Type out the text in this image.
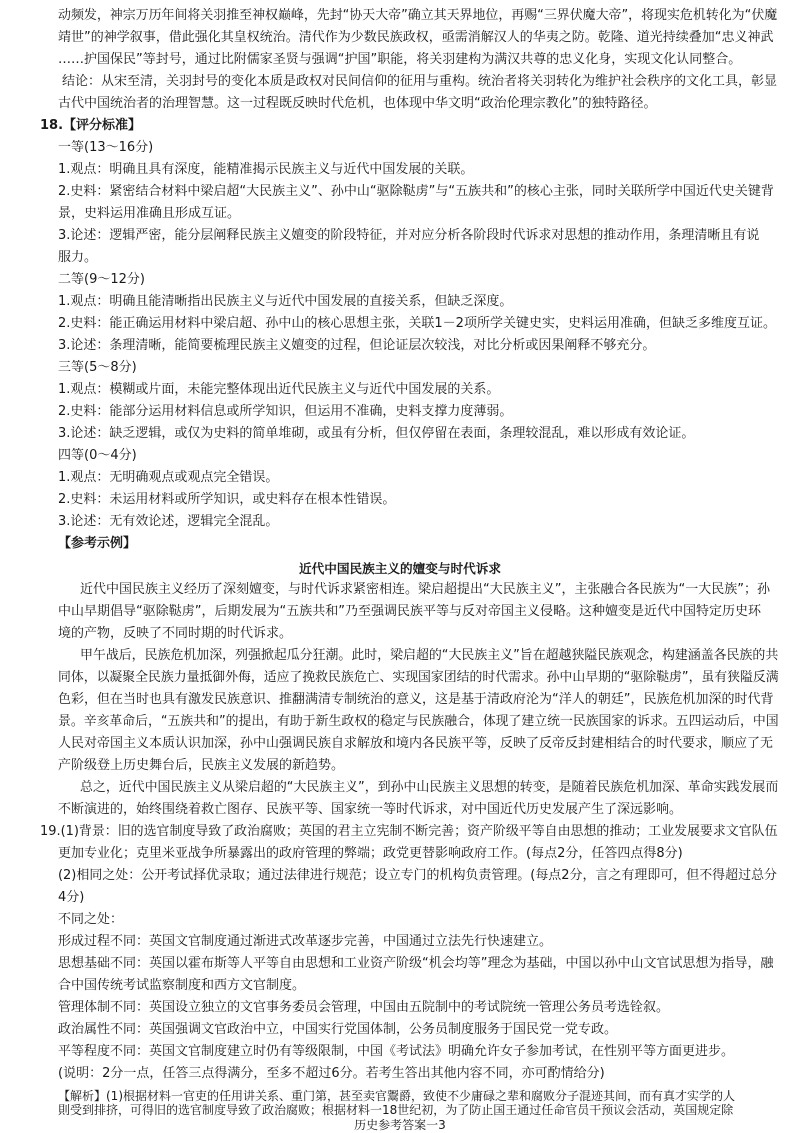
动频发，神宗万历年间将关羽推至神权巅峰，先封“协天大帝”确立其天界地位，再赐“三界伏魔大帝”，将现实危机转化为“伏魔
靖世”的神学叙事，借此强化其皇权统治。清代作为少数民族政权，亟需消解汉人的华夷之防。乾隆、道光持续叠加“忠义神武
……护国保民”等封号，通过比附儒家圣贤与强调“护国”职能，将关羽建构为满汉共尊的忠义化身，实现文化认同整合。
结论：从宋至清，关羽封号的变化本质是政权对民间信仰的征用与重构。统治者将关羽转化为维护社会秩序的文化工具，彰显
古代中国统治者的治理智慧。这一过程既反映时代危机，也体现中华文明“政治伦理宗教化”的独特路径。
18.【评分标准】
一等(13～16分)
1.观点：明确且具有深度，能精准揭示民族主义与近代中国发展的关联。
2.史料：紧密结合材料中梁启超“大民族主义”、孙中山“驱除鞑虏”与“五族共和”的核心主张，同时关联所学中国近代史关键背
景，史料运用准确且形成互证。
3.论述：逻辑严密，能分层阐释民族主义嬗变的阶段特征，并对应分析各阶段时代诉求对思想的推动作用，条理清晰且有说
服力。
二等(9～12分)
1.观点：明确且能清晰指出民族主义与近代中国发展的直接关系，但缺乏深度。
2.史料：能正确运用材料中梁启超、孙中山的核心思想主张，关联1－2项所学关键史实，史料运用准确，但缺乏多维度互证。
3.论述：条理清晰，能简要梳理民族主义嬗变的过程，但论证层次较浅，对比分析或因果阐释不够充分。
三等(5～8分)
1.观点：模糊或片面，未能完整体现出近代民族主义与近代中国发展的关系。
2.史料：能部分运用材料信息或所学知识，但运用不准确，史料支撑力度薄弱。
3.论述：缺乏逻辑，或仅为史料的简单堆砌，或虽有分析，但仅停留在表面，条理较混乱，难以形成有效论证。
四等(0～4分)
1.观点：无明确观点或观点完全错误。
2.史料：未运用材料或所学知识，或史料存在根本性错误。
3.论述：无有效论述，逻辑完全混乱。
【参考示例】
近代中国民族主义的嬗变与时代诉求
近代中国民族主义经历了深刻嬗变，与时代诉求紧密相连。梁启超提出“大民族主义”，主张融合各民族为“一大民族”；孙
中山早期倡导“驱除鞑虏”，后期发展为“五族共和”乃至强调民族平等与反对帝国主义侵略。这种嬗变是近代中国特定历史环
境的产物，反映了不同时期的时代诉求。
甲午战后，民族危机加深，列强掀起瓜分狂潮。此时，梁启超的“大民族主义”旨在超越狭隘民族观念，构建涵盖各民族的共
同体，以凝聚全民族力量抵御外侮，适应了挽救民族危亡、实现国家团结的时代需求。孙中山早期的“驱除鞑虏”，虽有狭隘反满
色彩，但在当时也具有激发民族意识、推翻满清专制统治的意义，这是基于清政府沦为“洋人的朝廷”，民族危机加深的时代背
景。辛亥革命后，“五族共和”的提出，有助于新生政权的稳定与民族融合，体现了建立统一民族国家的诉求。五四运动后，中国
人民对帝国主义本质认识加深，孙中山强调民族自求解放和境内各民族平等，反映了反帝反封建相结合的时代要求，顺应了无
产阶级登上历史舞台后，民族主义发展的新趋势。
总之，近代中国民族主义从梁启超的“大民族主义”，到孙中山民族主义思想的转变，是随着民族危机加深、革命实践发展而
不断演进的，始终围绕着救亡图存、民族平等、国家统一等时代诉求，对中国近代历史发展产生了深远影响。
19.(1)背景：旧的选官制度导致了政治腐败；英国的君主立宪制不断完善；资产阶级平等自由思想的推动；工业发展要求文官队伍
更加专业化；克里米亚战争所暴露出的政府管理的弊端；政党更替影响政府工作。(每点2分，任答四点得8分)
(2)相同之处：公开考试择优录取；通过法律进行规范；设立专门的机构负责管理。(每点2分，言之有理即可，但不得超过总分
4分)
不同之处：
形成过程不同：英国文官制度通过渐进式改革逐步完善，中国通过立法先行快速建立。
思想基础不同：英国以霍布斯等人平等自由思想和工业资产阶级“机会均等”理念为基础，中国以孙中山文官试思想为指导，融
合中国传统考试监察制度和西方文官制度。
管理体制不同：英国设立独立的文官事务委员会管理，中国由五院制中的考试院统一管理公务员考选铨叙。
政治属性不同：英国强调文官政治中立，中国实行党国体制，公务员制度服务于国民党一党专政。
平等程度不同：英国文官制度建立时仍有等级限制，中国《考试法》明确允许女子参加考试，在性别平等方面更进步。
(说明：2分一点，任答三点得满分，至多不超过6分。若考生答出其他内容不同，亦可酌情给分)
【解析】(1)根据材料一官吏的任用讲关系、重门第，甚至卖官鬻爵，致使不少庸碌之辈和腐败分子混迹其间，而有真才实学的人
历史参考答案一3
則受到排挤，可得旧的选官制度导致了政治腐败；根据材料一18世纪初，为了防止国王通过任命官员干预议会活动，英国规定除
